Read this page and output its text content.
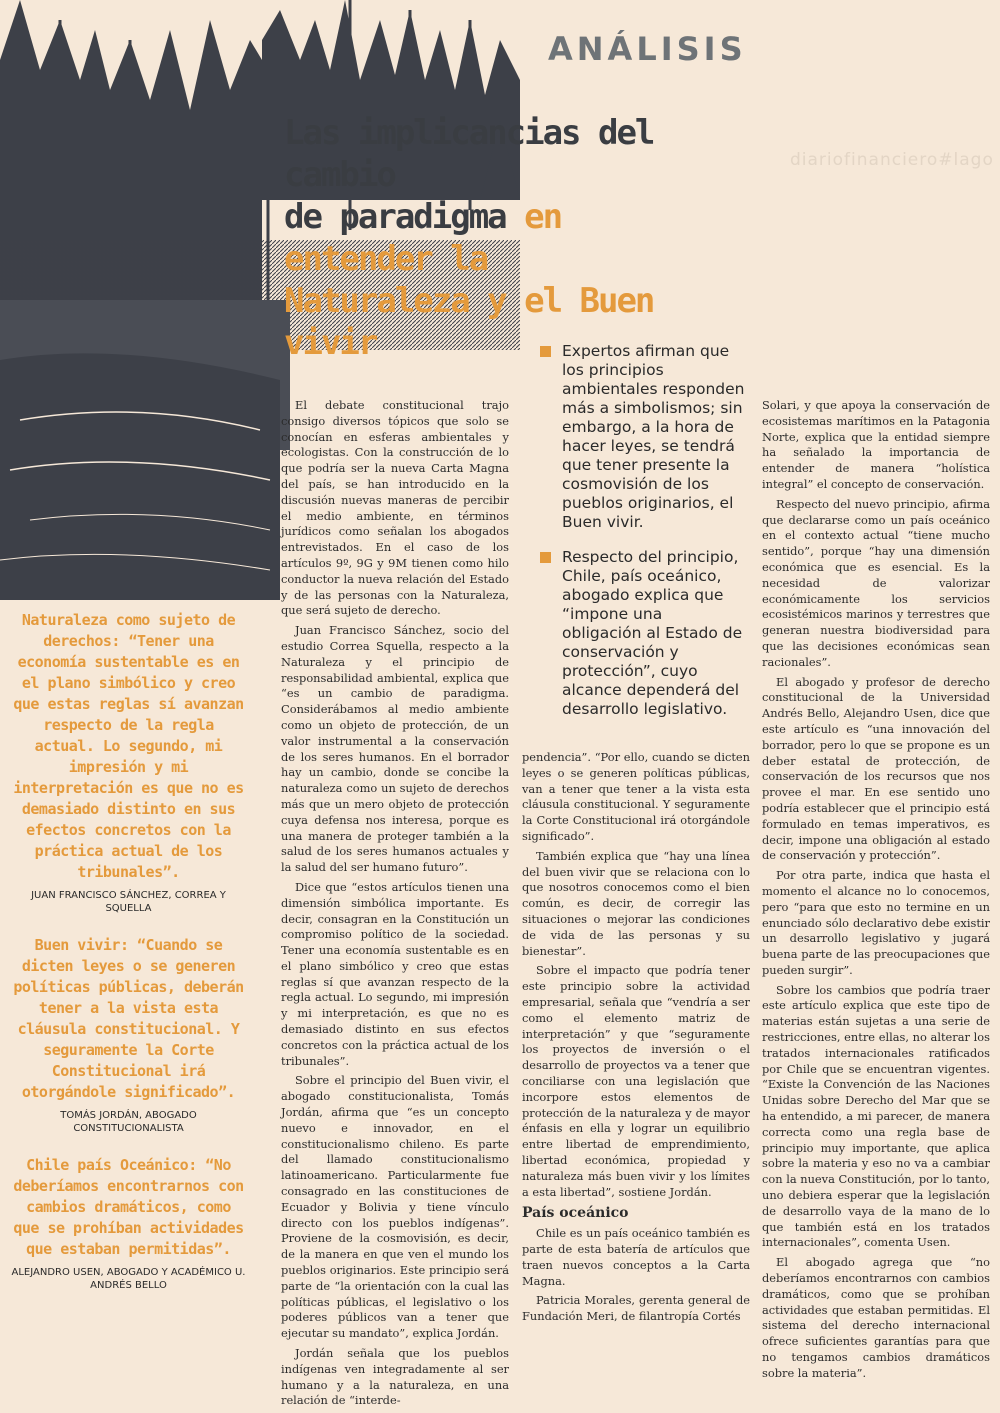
ANÁLISIS
diariofinanciero#lago
Las implicancias del cambio
de paradigma en entender la
Naturaleza y el Buen vivir	Expertos afirman que los principios ambientales responden más a simbolismos; sin embargo, a la hora de hacer leyes, se tendrá que tener presente la cosmovisión de los pueblos originarios, el Buen vivir.
Respecto del principio, Chile, país oceánico, abogado explica que “impone una obligación al Estado de conservación y protección”, cuyo alcance dependerá del desarrollo legislativo.

Naturaleza como sujeto de derechos: “Tener una economía sustentable es en el plano simbólico y creo que estas reglas sí avanzan respecto de la regla actual. Lo segundo, mi impresión y mi interpretación es que no es demasiado distinto en sus efectos concretos con la práctica actual de los tribunales”.

JUAN FRANCISCO SÁNCHEZ, CORREA Y SQUELLA

Buen vivir: “Cuando se dicten leyes o se generen políticas públicas, deberán tener a la vista esta cláusula constitucional. Y seguramente la Corte Constitucional irá otorgándole significado”.

TOMÁS JORDÁN, ABOGADO CONSTITUCIONALISTA

Chile país Oceánico: “No deberíamos encontrarnos con cambios dramáticos, como que se prohíban actividades que estaban permitidas”.

ALEJANDRO USEN, ABOGADO Y ACADÉMICO U. ANDRÉS BELLO

El debate constitucional trajo consigo diversos tópicos que solo se conocían en esferas ambientales y ecologistas. Con la construcción de lo que podría ser la nueva Carta Magna del país, se han introducido en la discusión nuevas maneras de percibir el medio ambiente, en términos jurídicos como señalan los abogados entrevistados. En el caso de los artículos 9º, 9G y 9M tienen como hilo conductor la nueva relación del Estado y de las personas con la Naturaleza, que será sujeto de derecho.

Juan Francisco Sánchez, socio del estudio Correa Squella, respecto a la Naturaleza y el principio de responsabilidad ambiental, explica que “es un cambio de paradigma. Considerábamos al medio ambiente como un objeto de protección, de un valor instrumental a la conservación de los seres humanos. En el borrador hay un cambio, donde se concibe la naturaleza como un sujeto de derechos más que un mero objeto de protección cuya defensa nos interesa, porque es una manera de proteger también a la salud de los seres humanos actuales y la salud del ser humano futuro”.

Dice que “estos artículos tienen una dimensión simbólica importante. Es decir, consagran en la Constitución un compromiso político de la sociedad. Tener una economía sustentable es en el plano simbólico y creo que estas reglas sí que avanzan respecto de la regla actual. Lo segundo, mi impresión y mi interpretación, es que no es demasiado distinto en sus efectos concretos con la práctica actual de los tribunales”.

Sobre el principio del Buen vivir, el abogado constitucionalista, Tomás Jordán, afirma que “es un concepto nuevo e innovador, en el constitucionalismo chileno. Es parte del llamado constitucionalismo latinoamericano. Particularmente fue consagrado en las constituciones de Ecuador y Bolivia y tiene vínculo directo con los pueblos indígenas”. Proviene de la cosmovisión, es decir, de la manera en que ven el mundo los pueblos originarios. Este principio será parte de “la orientación con la cual las políticas públicas, el legislativo o los poderes públicos van a tener que ejecutar su mandato”, explica Jordán.

Jordán señala que los pueblos indígenas ven integradamente al ser humano y a la naturaleza, en una relación de “interde-

pendencia”. “Por ello, cuando se dicten leyes o se generen políticas públicas, van a tener que tener a la vista esta cláusula constitucional. Y seguramente la Corte Constitucional irá otorgándole significado”.

También explica que “hay una línea del buen vivir que se relaciona con lo que nosotros conocemos como el bien común, es decir, de corregir las situaciones o mejorar las condiciones de vida de las personas y su bienestar”.

Sobre el impacto que podría tener este principio sobre la actividad empresarial, señala que “vendría a ser como el elemento matriz de interpretación” y que “seguramente los proyectos de inversión o el desarrollo de proyectos va a tener que conciliarse con una legislación que incorpore estos elementos de protección de la naturaleza y de mayor énfasis en ella y lograr un equilibrio entre libertad de emprendimiento, libertad económica, propiedad y naturaleza más buen vivir y los límites a esta libertad”, sostiene Jordán.

País oceánico

Chile es un país oceánico también es parte de esta batería de artículos que traen nuevos conceptos a la Carta Magna.

Patricia Morales, gerenta general de Fundación Meri, de filantropía Cortés

Solari, y que apoya la conservación de ecosistemas marítimos en la Patagonia Norte, explica que la entidad siempre ha señalado la importancia de entender de manera “holística integral” el concepto de conservación.

Respecto del nuevo principio, afirma que declararse como un país oceánico en el contexto actual “tiene mucho sentido”, porque “hay una dimensión económica que es esencial. Es la necesidad de valorizar económicamente los servicios ecosistémicos marinos y terrestres que generan nuestra biodiversidad para que las decisiones económicas sean racionales”.

El abogado y profesor de derecho constitucional de la Universidad Andrés Bello, Alejandro Usen, dice que este artículo es “una innovación del borrador, pero lo que se propone es un deber estatal de protección, de conservación de los recursos que nos provee el mar. En ese sentido uno podría establecer que el principio está formulado en temas imperativos, es decir, impone una obligación al estado de conservación y protección”.

Por otra parte, indica que hasta el momento el alcance no lo conocemos, pero “para que esto no termine en un enunciado sólo declarativo debe existir un desarrollo legislativo y jugará buena parte de las preocupaciones que pueden surgir”.

Sobre los cambios que podría traer este artículo explica que este tipo de materias están sujetas a una serie de restricciones, entre ellas, no alterar los tratados internacionales ratificados por Chile que se encuentran vigentes. “Existe la Convención de las Naciones Unidas sobre Derecho del Mar que se ha entendido, a mi parecer, de manera correcta como una regla base de principio muy importante, que aplica sobre la materia y eso no va a cambiar con la nueva Constitución, por lo tanto, uno debiera esperar que la legislación de desarrollo vaya de la mano de lo que también está en los tratados internacionales”, comenta Usen.

El abogado agrega que “no deberíamos encontrarnos con cambios dramáticos, como que se prohíban actividades que estaban permitidas. El sistema del derecho internacional ofrece suficientes garantías para que no tengamos cambios dramáticos sobre la materia”.
